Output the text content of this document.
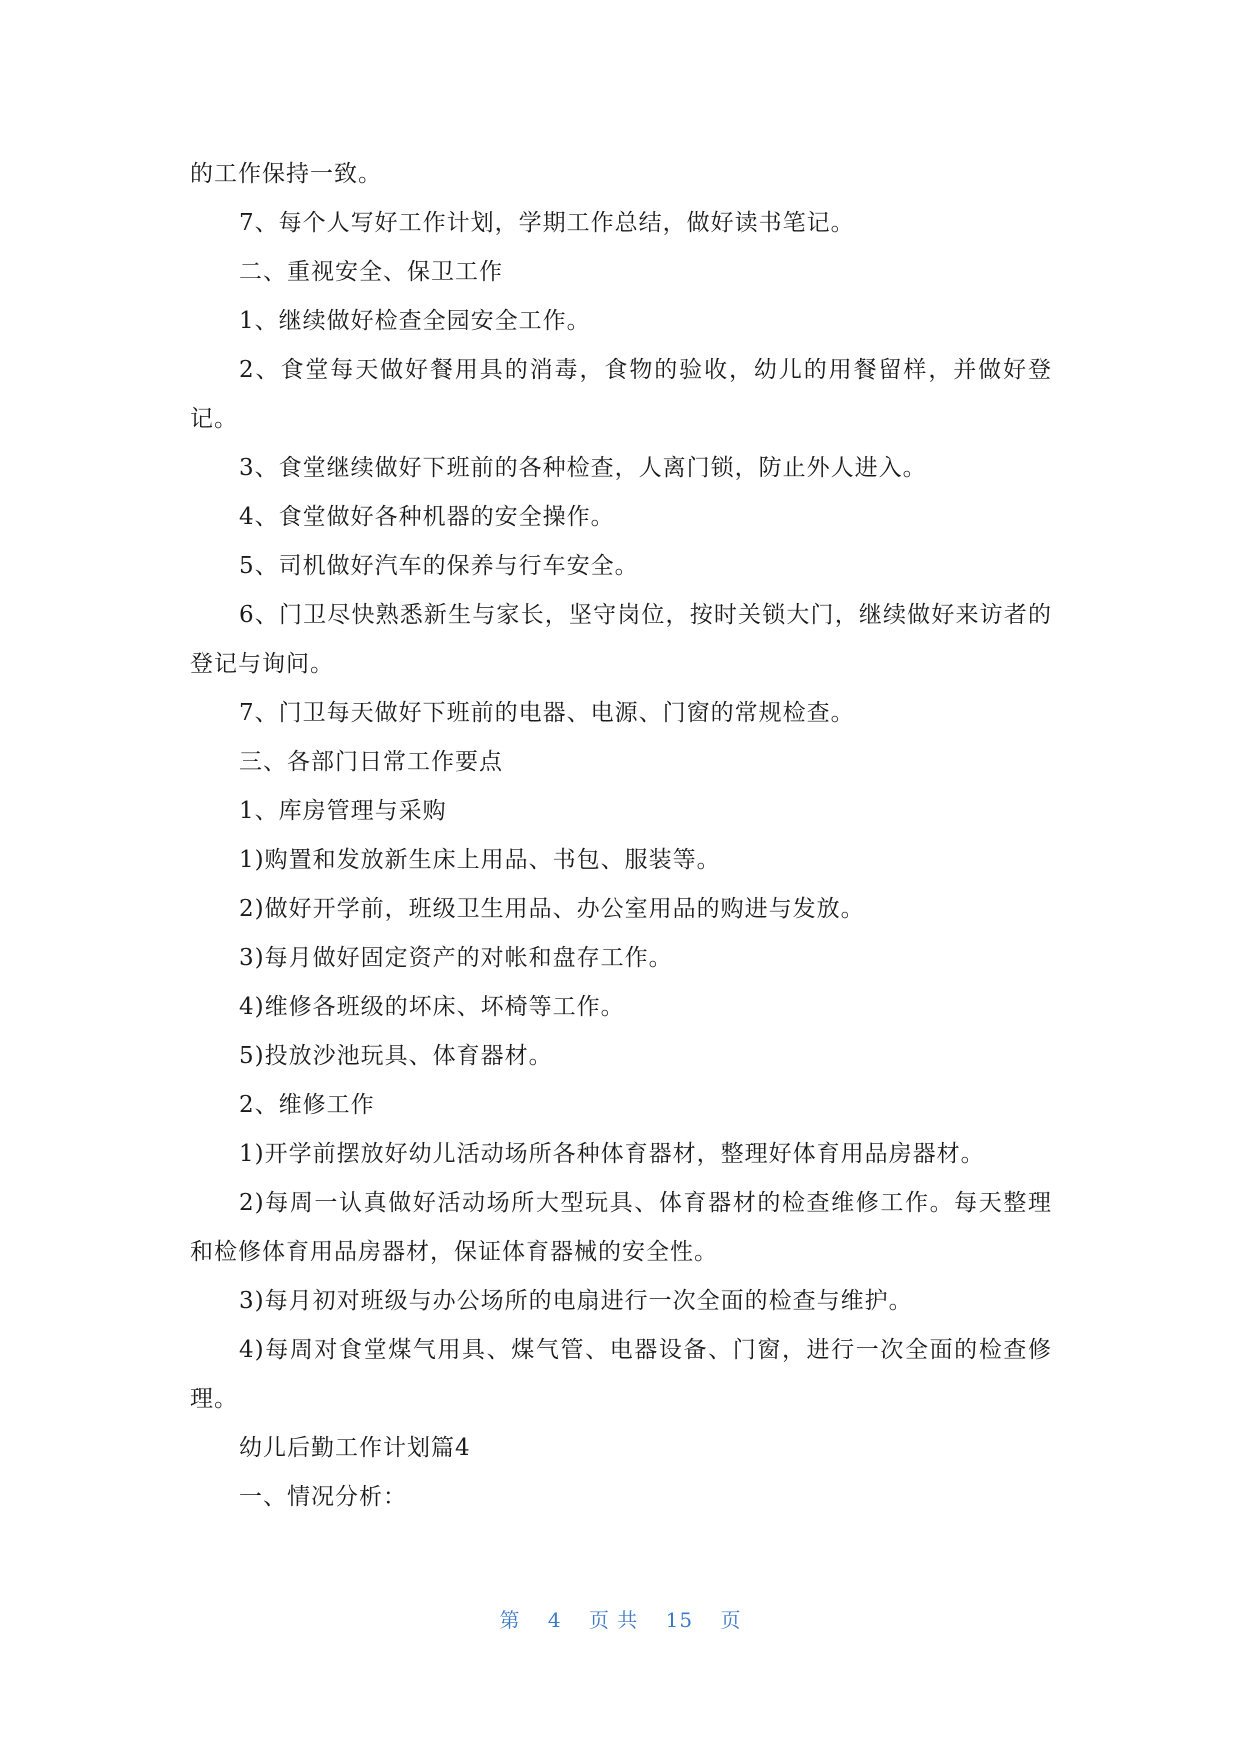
的工作保持一致。

7、每个人写好工作计划，学期工作总结，做好读书笔记。

二、重视安全、保卫工作

1、继续做好检查全园安全工作。

2、食堂每天做好餐用具的消毒，食物的验收，幼儿的用餐留样，并做好登记。

3、食堂继续做好下班前的各种检查，人离门锁，防止外人进入。

4、食堂做好各种机器的安全操作。

5、司机做好汽车的保养与行车安全。

6、门卫尽快熟悉新生与家长，坚守岗位，按时关锁大门，继续做好来访者的登记与询问。

7、门卫每天做好下班前的电器、电源、门窗的常规检查。

三、各部门日常工作要点

1、库房管理与采购

1)购置和发放新生床上用品、书包、服装等。

2)做好开学前，班级卫生用品、办公室用品的购进与发放。

3)每月做好固定资产的对帐和盘存工作。

4)维修各班级的坏床、坏椅等工作。

5)投放沙池玩具、体育器材。

2、维修工作

1)开学前摆放好幼儿活动场所各种体育器材，整理好体育用品房器材。

2)每周一认真做好活动场所大型玩具、体育器材的检查维修工作。每天整理和检修体育用品房器材，保证体育器械的安全性。

3)每月初对班级与办公场所的电扇进行一次全面的检查与维护。

4)每周对食堂煤气用具、煤气管、电器设备、门窗，进行一次全面的检查修理。

幼儿后勤工作计划篇4

一、情况分析：

第 4 页 共 15 页
